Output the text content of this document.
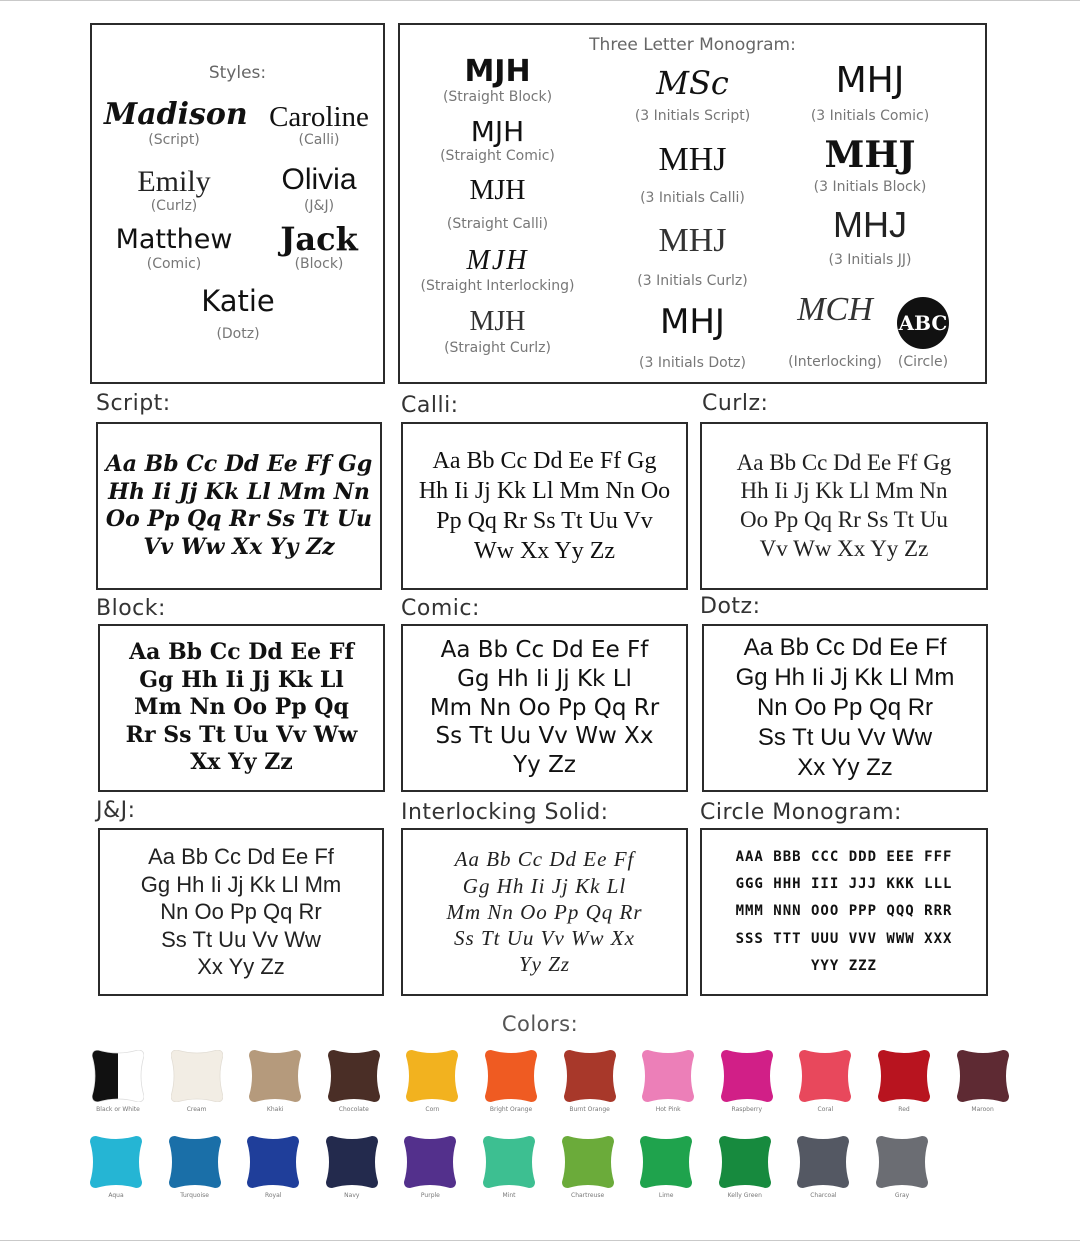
Styles:
Madison
(Script)
Caroline
(Calli)
Emily
(Curlz)
Olivia
(J&J)
Matthew
(Comic)
Jack
(Block)
Katie
(Dotz)
Three Letter Monogram:
MJH
(Straight Block)
MJH
(Straight Comic)
MJH
(Straight Calli)
MJH
(Straight Interlocking)
MJH
(Straight Curlz)
MSc
(3 Initials Script)
MHJ
(3 Initials Calli)
MHJ
(3 Initials Curlz)
MHJ
(3 Initials Dotz)
MHJ
(3 Initials Comic)
MHJ
(3 Initials Block)
MHJ
(3 Initials JJ)
MCH
(Interlocking)
ABC
(Circle)
Script:
Aa Bb Cc Dd Ee Ff Gg
Hh Ii Jj Kk Ll Mm Nn
Oo Pp Qq Rr Ss Tt Uu
Vv Ww Xx Yy Zz
Calli:
Aa Bb Cc Dd Ee Ff Gg
Hh Ii Jj Kk Ll Mm Nn Oo
Pp Qq Rr Ss Tt Uu Vv
Ww Xx Yy Zz
Curlz:
Aa Bb Cc Dd Ee Ff Gg
Hh Ii Jj Kk Ll Mm Nn
Oo Pp Qq Rr Ss Tt Uu
Vv Ww Xx Yy Zz
Block:
Aa Bb Cc Dd Ee Ff
Gg Hh Ii Jj Kk Ll
Mm Nn Oo Pp Qq
Rr Ss Tt Uu Vv Ww
Xx Yy Zz
Comic:
Aa Bb Cc Dd Ee Ff
Gg Hh Ii Jj Kk Ll
Mm Nn Oo Pp Qq Rr
Ss Tt Uu Vv Ww Xx
Yy Zz
Dotz:
Aa Bb Cc Dd Ee Ff
Gg Hh Ii Jj Kk Ll Mm
Nn Oo Pp Qq Rr
Ss Tt Uu Vv Ww
Xx Yy Zz
J&J:
Aa Bb Cc Dd Ee Ff
Gg Hh Ii Jj Kk Ll Mm
Nn Oo Pp Qq Rr
Ss Tt Uu Vv Ww
Xx Yy Zz
Interlocking Solid:
Aa Bb Cc Dd Ee Ff
Gg Hh Ii Jj Kk Ll
Mm Nn Oo Pp Qq Rr
Ss Tt Uu Vv Ww Xx
Yy Zz
Circle Monogram:
AAA BBB CCC DDD EEE FFF
GGG HHH III JJJ KKK LLL
MMM NNN OOO PPP QQQ RRR
SSS TTT UUU VVV WWW XXX
YYY ZZZ
Colors:
Black or White	Cream	Khaki	Chocolate	Corn	Bright Orange	Burnt Orange	Hot Pink	Raspberry	Coral	Red	Maroon
Aqua	Turquoise	Royal	Navy	Purple	Mint	Chartreuse	Lime	Kelly Green	Charcoal	Gray
